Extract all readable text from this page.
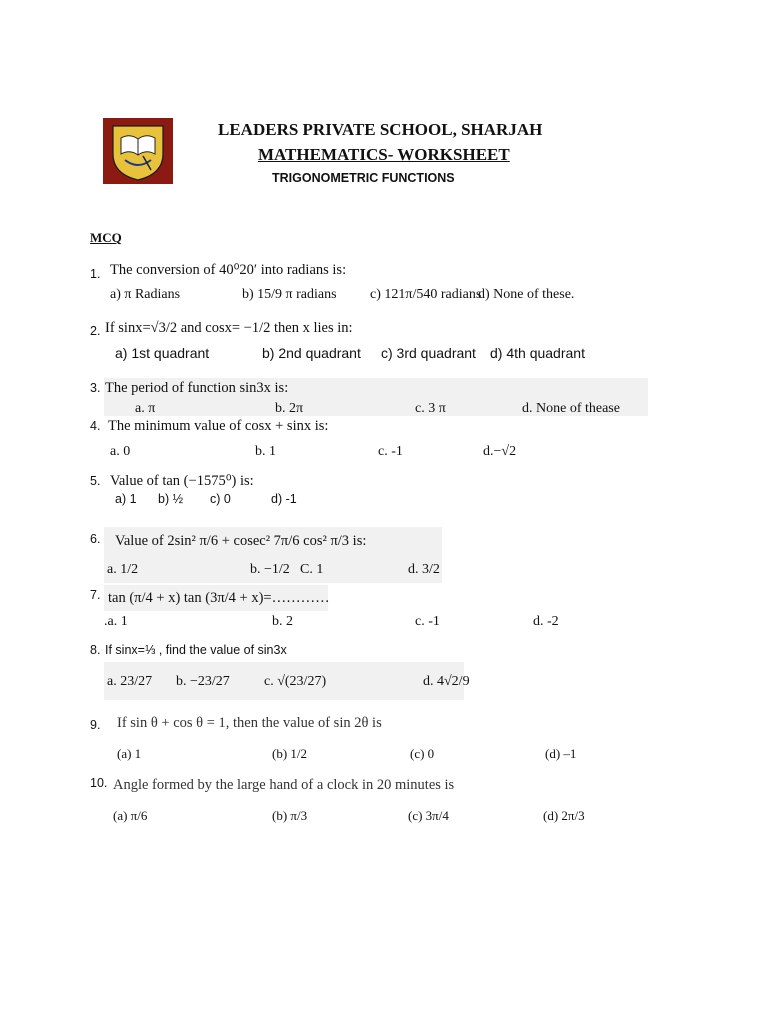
LEADERS PRIVATE SCHOOL, SHARJAH
MATHEMATICS- WORKSHEET
TRIGONOMETRIC FUNCTIONS
MCQ
1. The conversion of 40⁰20′ into radians is:
a) π Radians	b) 15/9 π radians c) 121π/540 radians
d) None of these.
2. If sinx=√3/2 and cosx= −1/2 then x lies in:
a) 1st quadrant	b) 2nd quadrant c) 3rd quadrant d) 4th quadrant
3. The period of function sin3x is:
a. π	b. 2π	c. 3 π	d. None of thease
4. The minimum value of cosx + sinx is:
a. 0	b. 1	c. -1	d.−√2
5. Value of tan (−1575⁰) is:
a) 1 b) ½ c) 0	d) -1
6. Value of 2sin² π/6 + cosec² 7π/6 cos² π/3 is:
a. 1/2	b. −1/2 C. 1	d. 3/2
7. tan (π/4 + x) tan (3π/4 + x)=…………
.a. 1	b. 2	c. -1	d. -2
8. If sinx=⅓ , find the value of sin3x
a. 23/27 b. −23/27 c. √(23/27)	d. 4√2/9
9. If sin θ + cos θ = 1, then the value of sin 2θ is
(a) 1	(b) 1/2	(c) 0	(d) –1
10. Angle formed by the large hand of a clock in 20 minutes is
(a) π/6	(b) π/3	(c) 3π/4	(d) 2π/3
